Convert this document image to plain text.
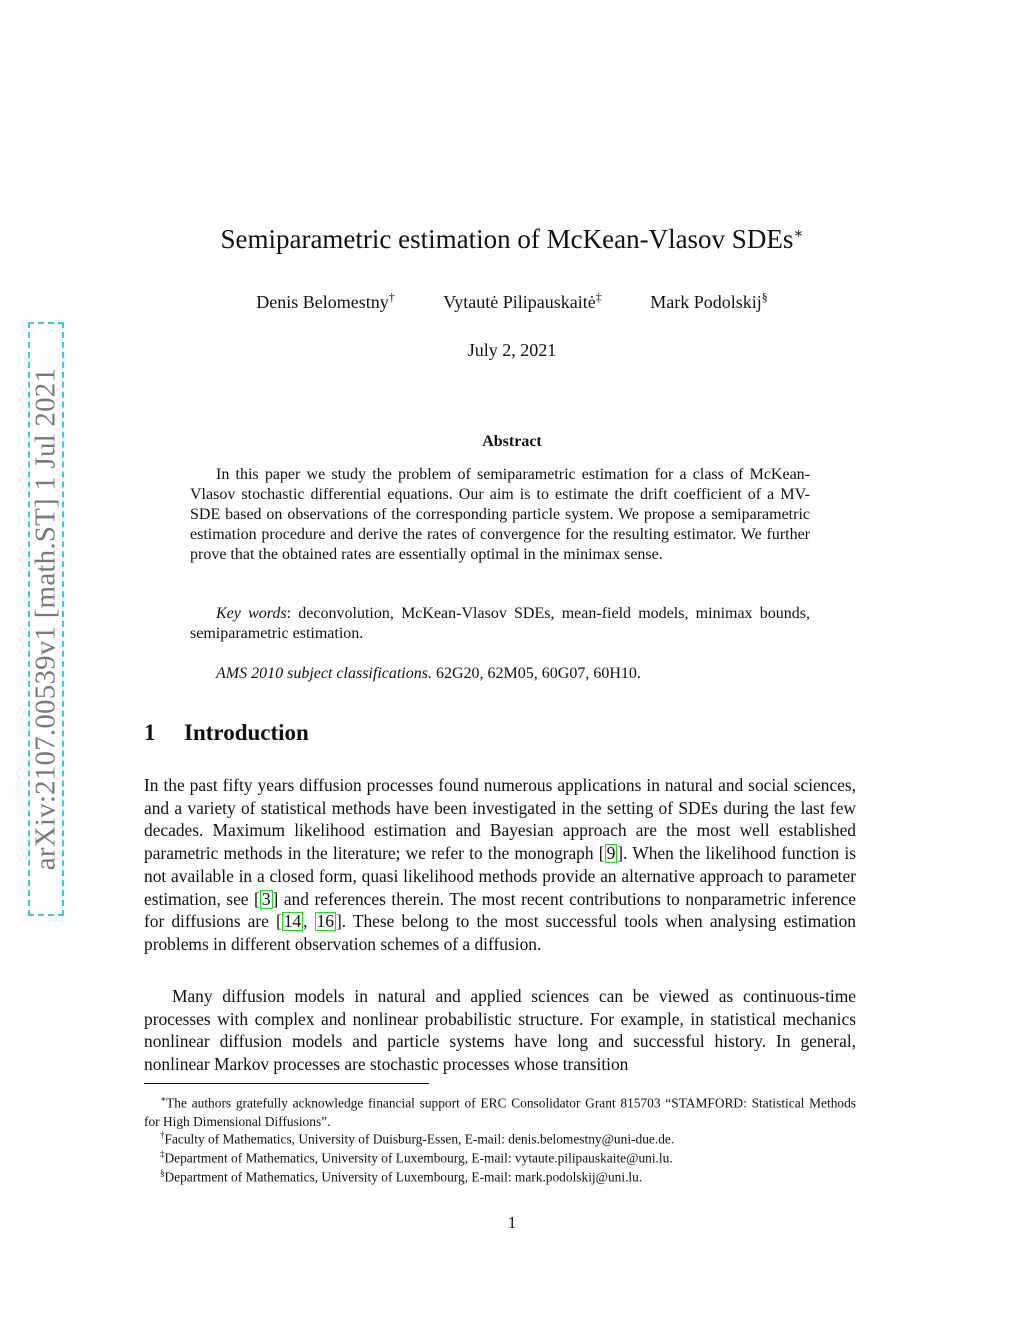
arXiv:2107.00539v1 [math.ST] 1 Jul 2021
Semiparametric estimation of McKean-Vlasov SDEs∗
Denis Belomestny†	Vytautė Pilipauskaitė‡	Mark Podolskij§
July 2, 2021
Abstract
In this paper we study the problem of semiparametric estimation for a class of McKean-Vlasov stochastic differential equations. Our aim is to estimate the drift coefficient of a MV-SDE based on observations of the corresponding particle system. We propose a semiparametric estimation procedure and derive the rates of convergence for the resulting estimator. We further prove that the obtained rates are essentially optimal in the minimax sense.
Key words: deconvolution, McKean-Vlasov SDEs, mean-field models, minimax bounds, semiparametric estimation.
AMS 2010 subject classifications. 62G20, 62M05, 60G07, 60H10.
1 Introduction
In the past fifty years diffusion processes found numerous applications in natural and social sciences, and a variety of statistical methods have been investigated in the setting of SDEs during the last few decades. Maximum likelihood estimation and Bayesian approach are the most well established parametric methods in the literature; we refer to the monograph [ 9 ]. When the likelihood function is not available in a closed form, quasi likelihood methods provide an alternative approach to parameter estimation, see [ 3 ] and references therein. The most recent contributions to nonparametric inference for diffusions are [ 14 , 16 ]. These belong to the most successful tools when analysing estimation problems in different observation schemes of a diffusion.
Many diffusion models in natural and applied sciences can be viewed as continuous-time processes with complex and nonlinear probabilistic structure. For example, in statistical mechanics nonlinear diffusion models and particle systems have long and successful history. In general, nonlinear Markov processes are stochastic processes whose transition
∗The authors gratefully acknowledge financial support of ERC Consolidator Grant 815703 “STAMFORD: Statistical Methods for High Dimensional Diffusions”.
†Faculty of Mathematics, University of Duisburg-Essen, E-mail: denis.belomestny@uni-due.de.
‡Department of Mathematics, University of Luxembourg, E-mail: vytaute.pilipauskaite@uni.lu.
§Department of Mathematics, University of Luxembourg, E-mail: mark.podolskij@uni.lu.
1
